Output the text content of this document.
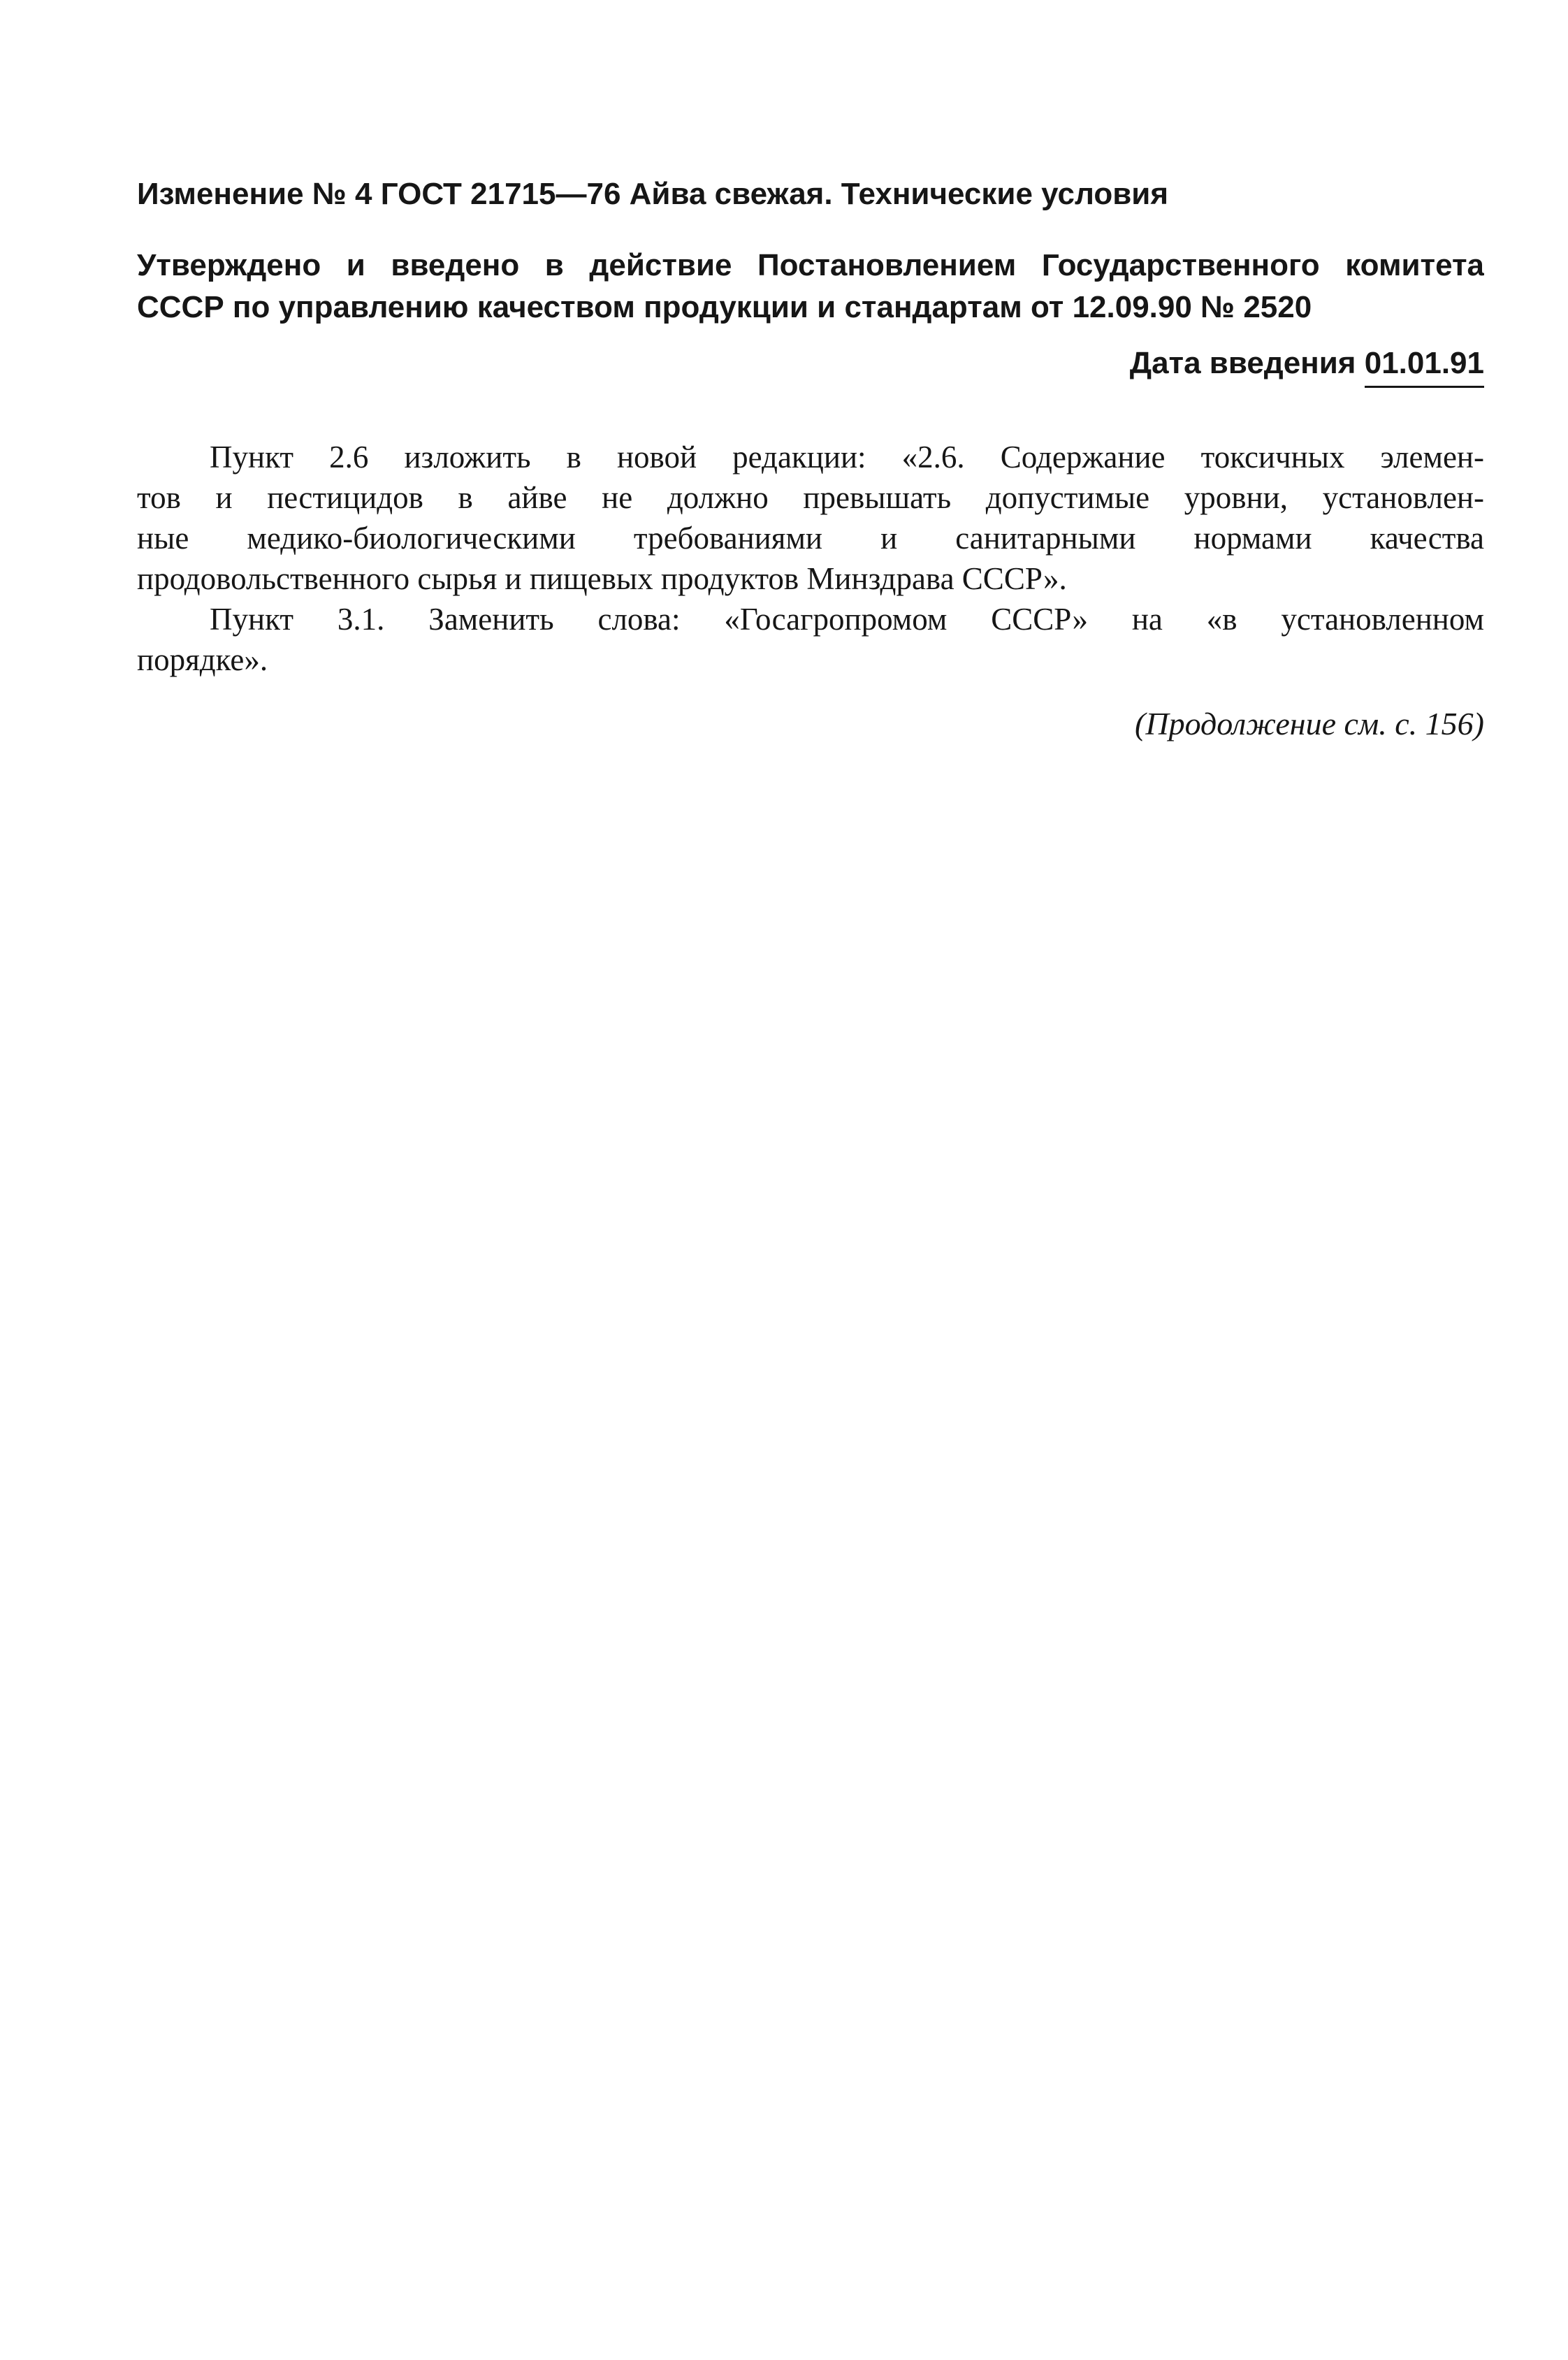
Изменение № 4 ГОСТ 21715—76 Айва свежая. Технические условия

Утверждено и введено в действие Постановлением Государственного комитета
СССР по управлению качеством продукции и стандартам от 12.09.90 № 2520
Дата введения 01.01.91
Пункт 2.6 изложить в новой редакции: «2.6. Содержание токсичных элемен-
тов и пестицидов в айве не должно превышать допустимые уровни, установлен-
ные медико-биологическими требованиями и санитарными нормами качества
продовольственного сырья и пищевых продуктов Минздрава СССР».
Пункт 3.1. Заменить слова: «Госагропромом СССР» на «в установленном
порядке».
(Продолжение см. с. 156)
